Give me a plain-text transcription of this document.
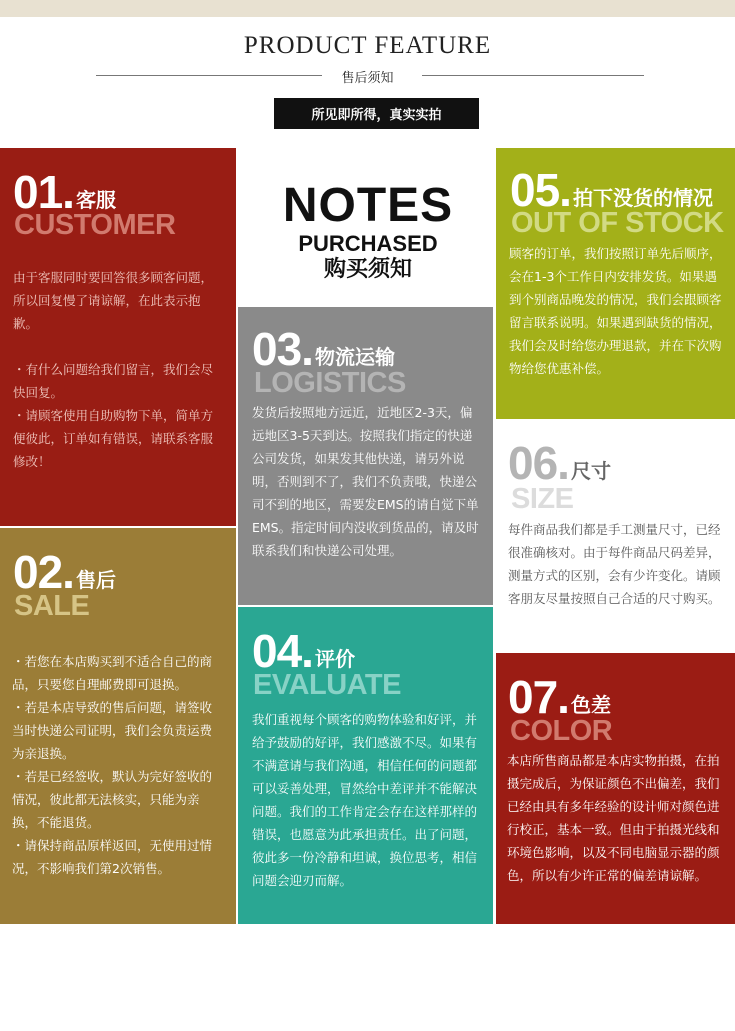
PRODUCT FEATURE
售后须知
所见即所得，真实实拍
01. 客服
CUSTOMER

由于客服同时要回答很多顾客问题，所以回复慢了请谅解，在此表示抱歉。

・有什么问题给我们留言，我们会尽快回复。

・请顾客使用自助购物下单，简单方便彼此，订单如有错误，请联系客服修改！

NOTES
PURCHASED
购买须知
05. 拍下没货的情况
OUT OF STOCK

顾客的订单，我们按照订单先后顺序，会在1-3个工作日内安排发货。如果遇到个别商品晚发的情况，我们会跟顾客留言联系说明。如果遇到缺货的情况，我们会及时给您办理退款，并在下次购物给您优惠补偿。

03. 物流运输
LOGISTICS

发货后按照地方远近，近地区2-3天，偏远地区3-5天到达。按照我们指定的快递公司发货，如果发其他快递，请另外说明，否则到不了，我们不负责哦，快递公司不到的地区，需要发EMS的请自觉下单EMS。指定时间内没收到货品的，请及时联系我们和快递公司处理。

06. 尺寸
SIZE

每件商品我们都是手工测量尺寸，已经很准确核对。由于每件商品尺码差异，测量方式的区别，会有少许变化。请顾客朋友尽量按照自己合适的尺寸购买。

02. 售后
SALE

・若您在本店购买到不适合自己的商品，只要您自理邮费即可退换。

・若是本店导致的售后问题，请签收当时快递公司证明，我们会负责运费为亲退换。

・若是已经签收，默认为完好签收的情况，彼此都无法核实，只能为亲换，不能退货。

・请保持商品原样返回，无使用过情况，不影响我们第2次销售。

04. 评价
EVALUATE

我们重视每个顾客的购物体验和好评，并给予鼓励的好评，我们感激不尽。如果有不满意请与我们沟通，相信任何的问题都可以妥善处理，冒然给中差评并不能解决问题。我们的工作肯定会存在这样那样的错误，也愿意为此承担责任。出了问题，彼此多一份冷静和坦诚，换位思考，相信问题会迎刃而解。

07. 色差
COLOR

本店所售商品都是本店实物拍摄，在拍摄完成后，为保证颜色不出偏差，我们已经由具有多年经验的设计师对颜色进行校正，基本一致。但由于拍摄光线和环境色影响，以及不同电脑显示器的颜色，所以有少许正常的偏差请谅解。
